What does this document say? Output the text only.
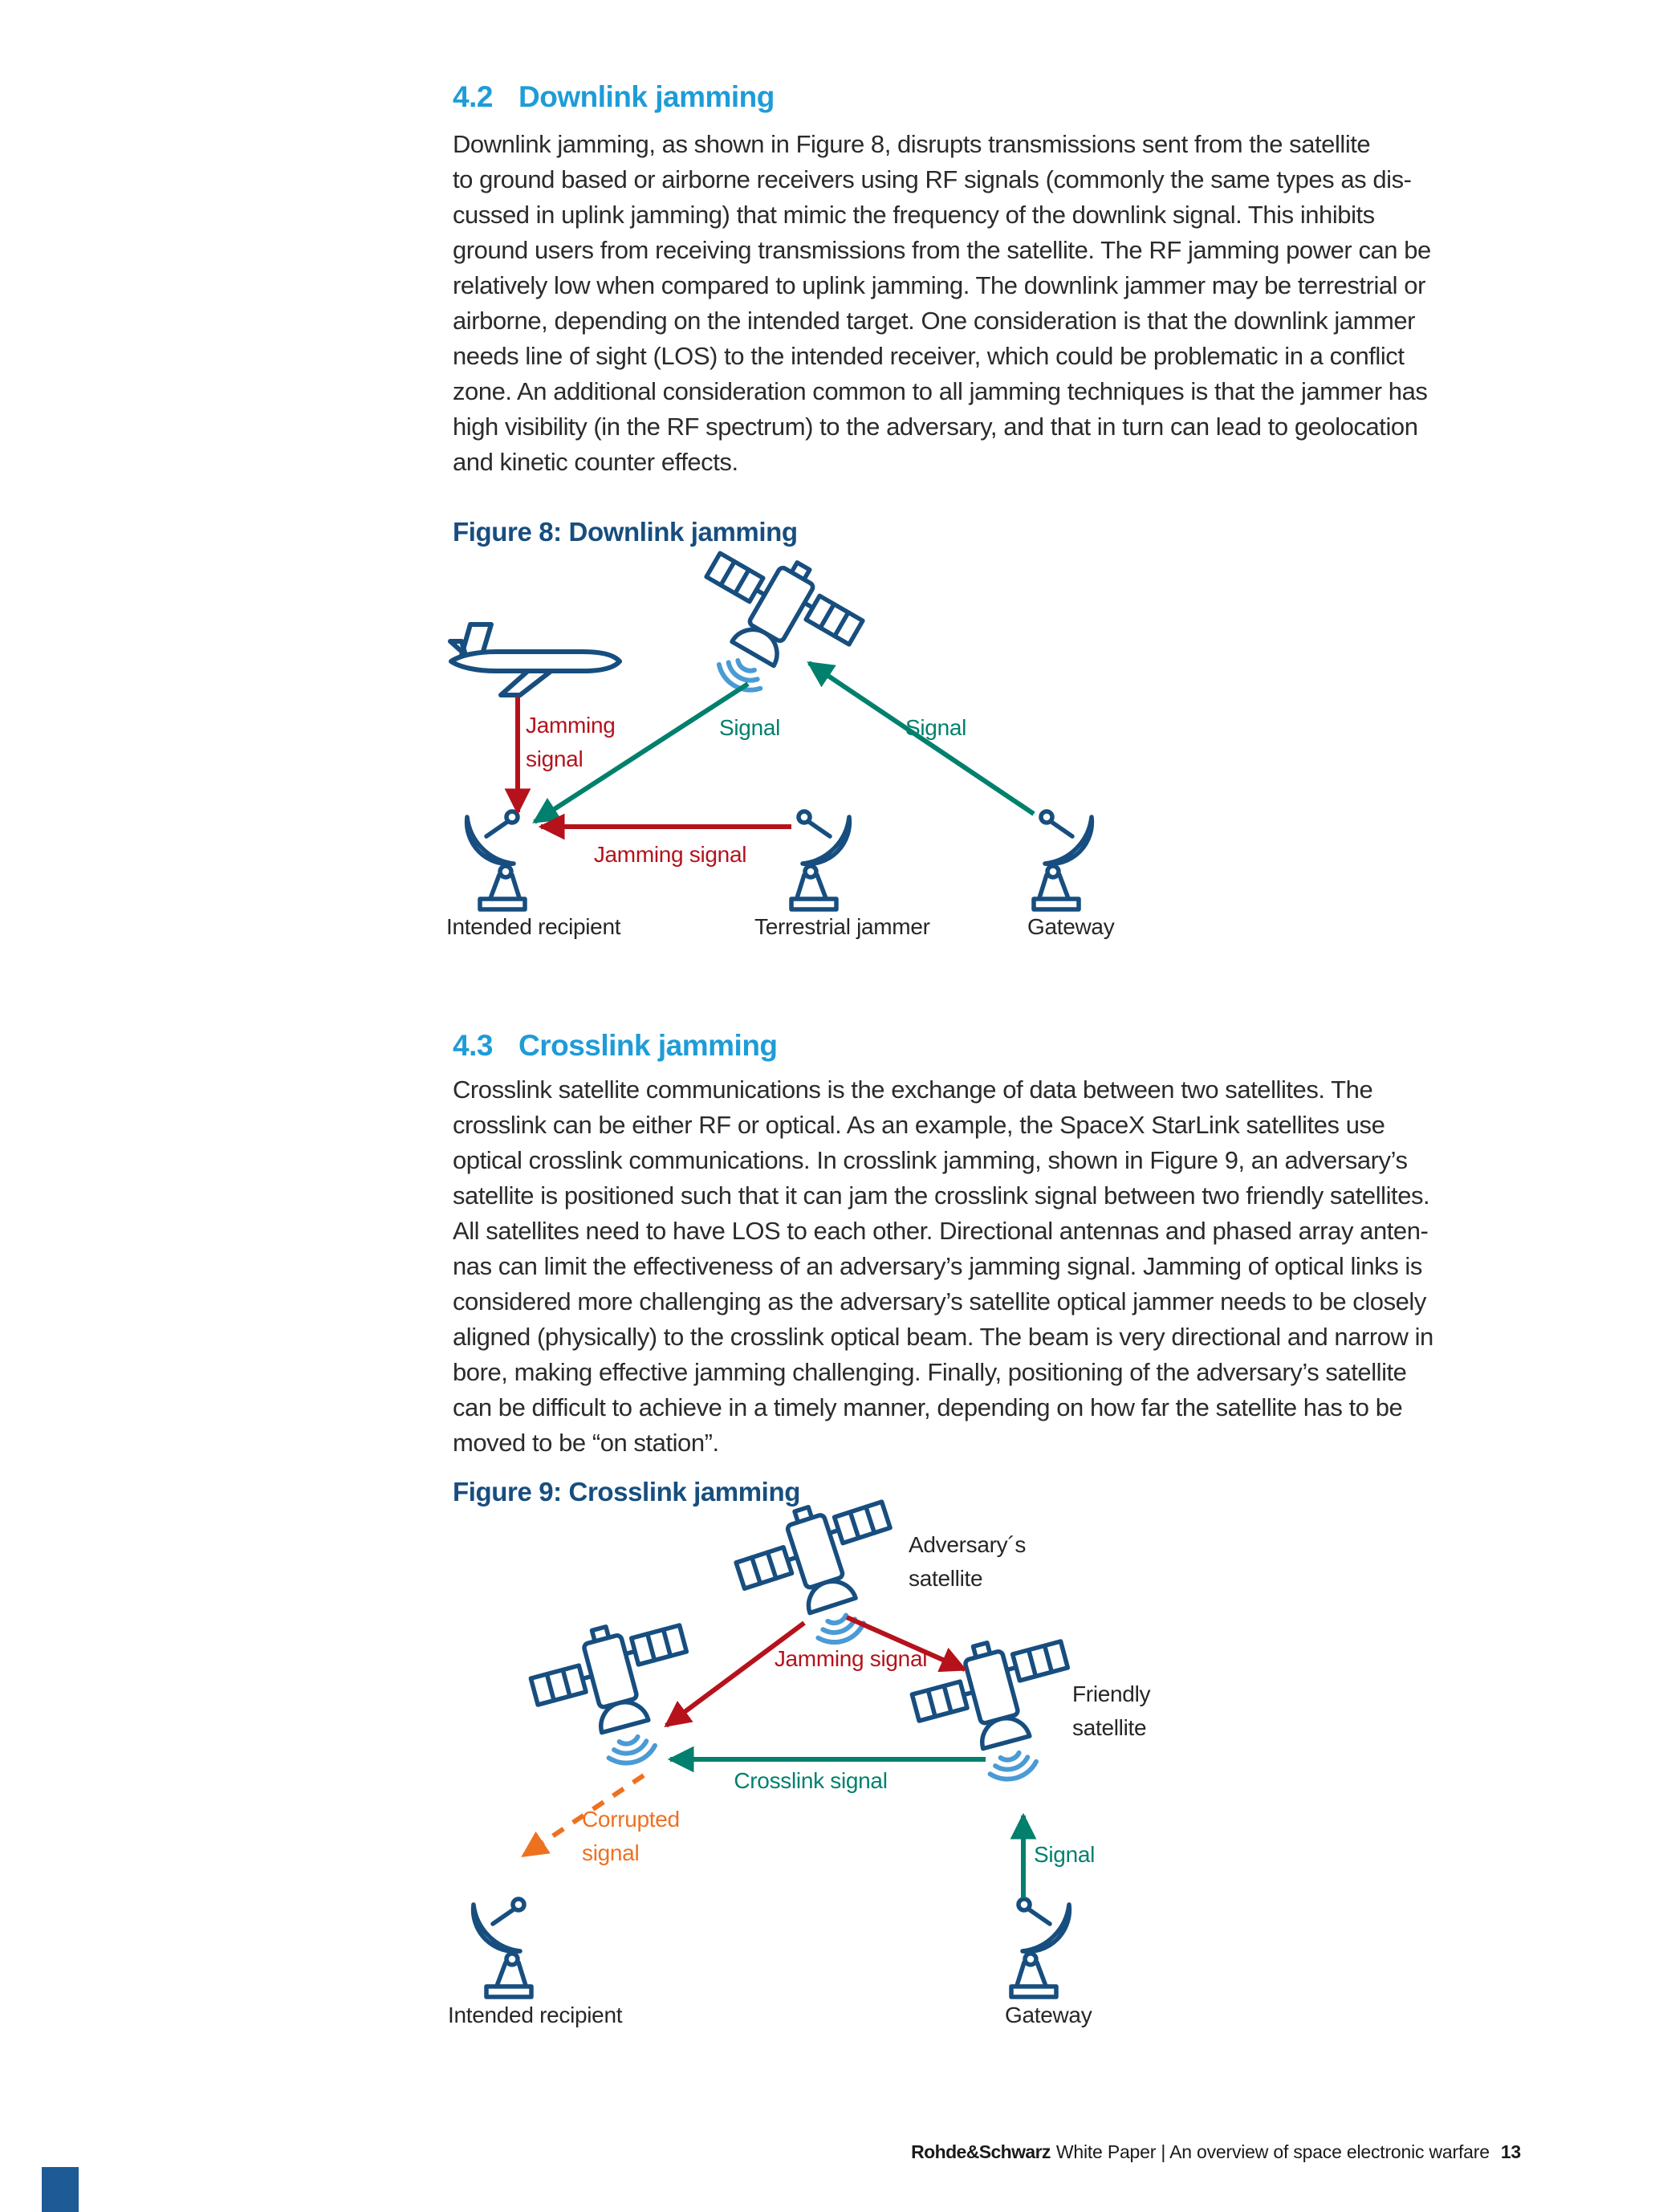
4.2 Downlink jamming
Downlink jamming, as shown in Figure 8, disrupts transmissions sent from the satellite
to ground based or airborne receivers using RF signals (commonly the same types as dis-
cussed in uplink jamming) that mimic the frequency of the downlink signal. This inhibits
ground users from receiving transmissions from the satellite. The RF jamming power can be
relatively low when compared to uplink jamming. The downlink jammer may be terrestrial or
airborne, depending on the intended target. One consideration is that the downlink jammer
needs line of sight (LOS) to the intended receiver, which could be problematic in a conflict
zone. An additional consideration common to all jamming techniques is that the jammer has
high visibility (in the RF spectrum) to the adversary, and that in turn can lead to geolocation
and kinetic counter effects.
Figure 8: Downlink jamming
Jamming
signal
Signal	Signal
Jamming signal
Intended recipient	Terrestrial jammer	Gateway
4.3 Crosslink jamming
Crosslink satellite communications is the exchange of data between two satellites. The
crosslink can be either RF or optical. As an example, the SpaceX StarLink satellites use
optical crosslink communications. In crosslink jamming, shown in Figure 9, an adversary’s
satellite is positioned such that it can jam the crosslink signal between two friendly satellites.
All satellites need to have LOS to each other. Directional antennas and phased array anten-
nas can limit the effectiveness of an adversary’s jamming signal. Jamming of optical links is
considered more challenging as the adversary’s satellite optical jammer needs to be closely
aligned (physically) to the crosslink optical beam. The beam is very directional and narrow in
bore, making effective jamming challenging. Finally, positioning of the adversary’s satellite
can be difficult to achieve in a timely manner, depending on how far the satellite has to be
moved to be “on station”.
Figure 9: Crosslink jamming
Adversary´s
satellite
Jamming signal
Friendly
satellite
Crosslink signal
Corrupted
signal	Signal
Intended recipient	Gateway
Rohde&Schwarz White Paper | An overview of space electronic warfare 13
